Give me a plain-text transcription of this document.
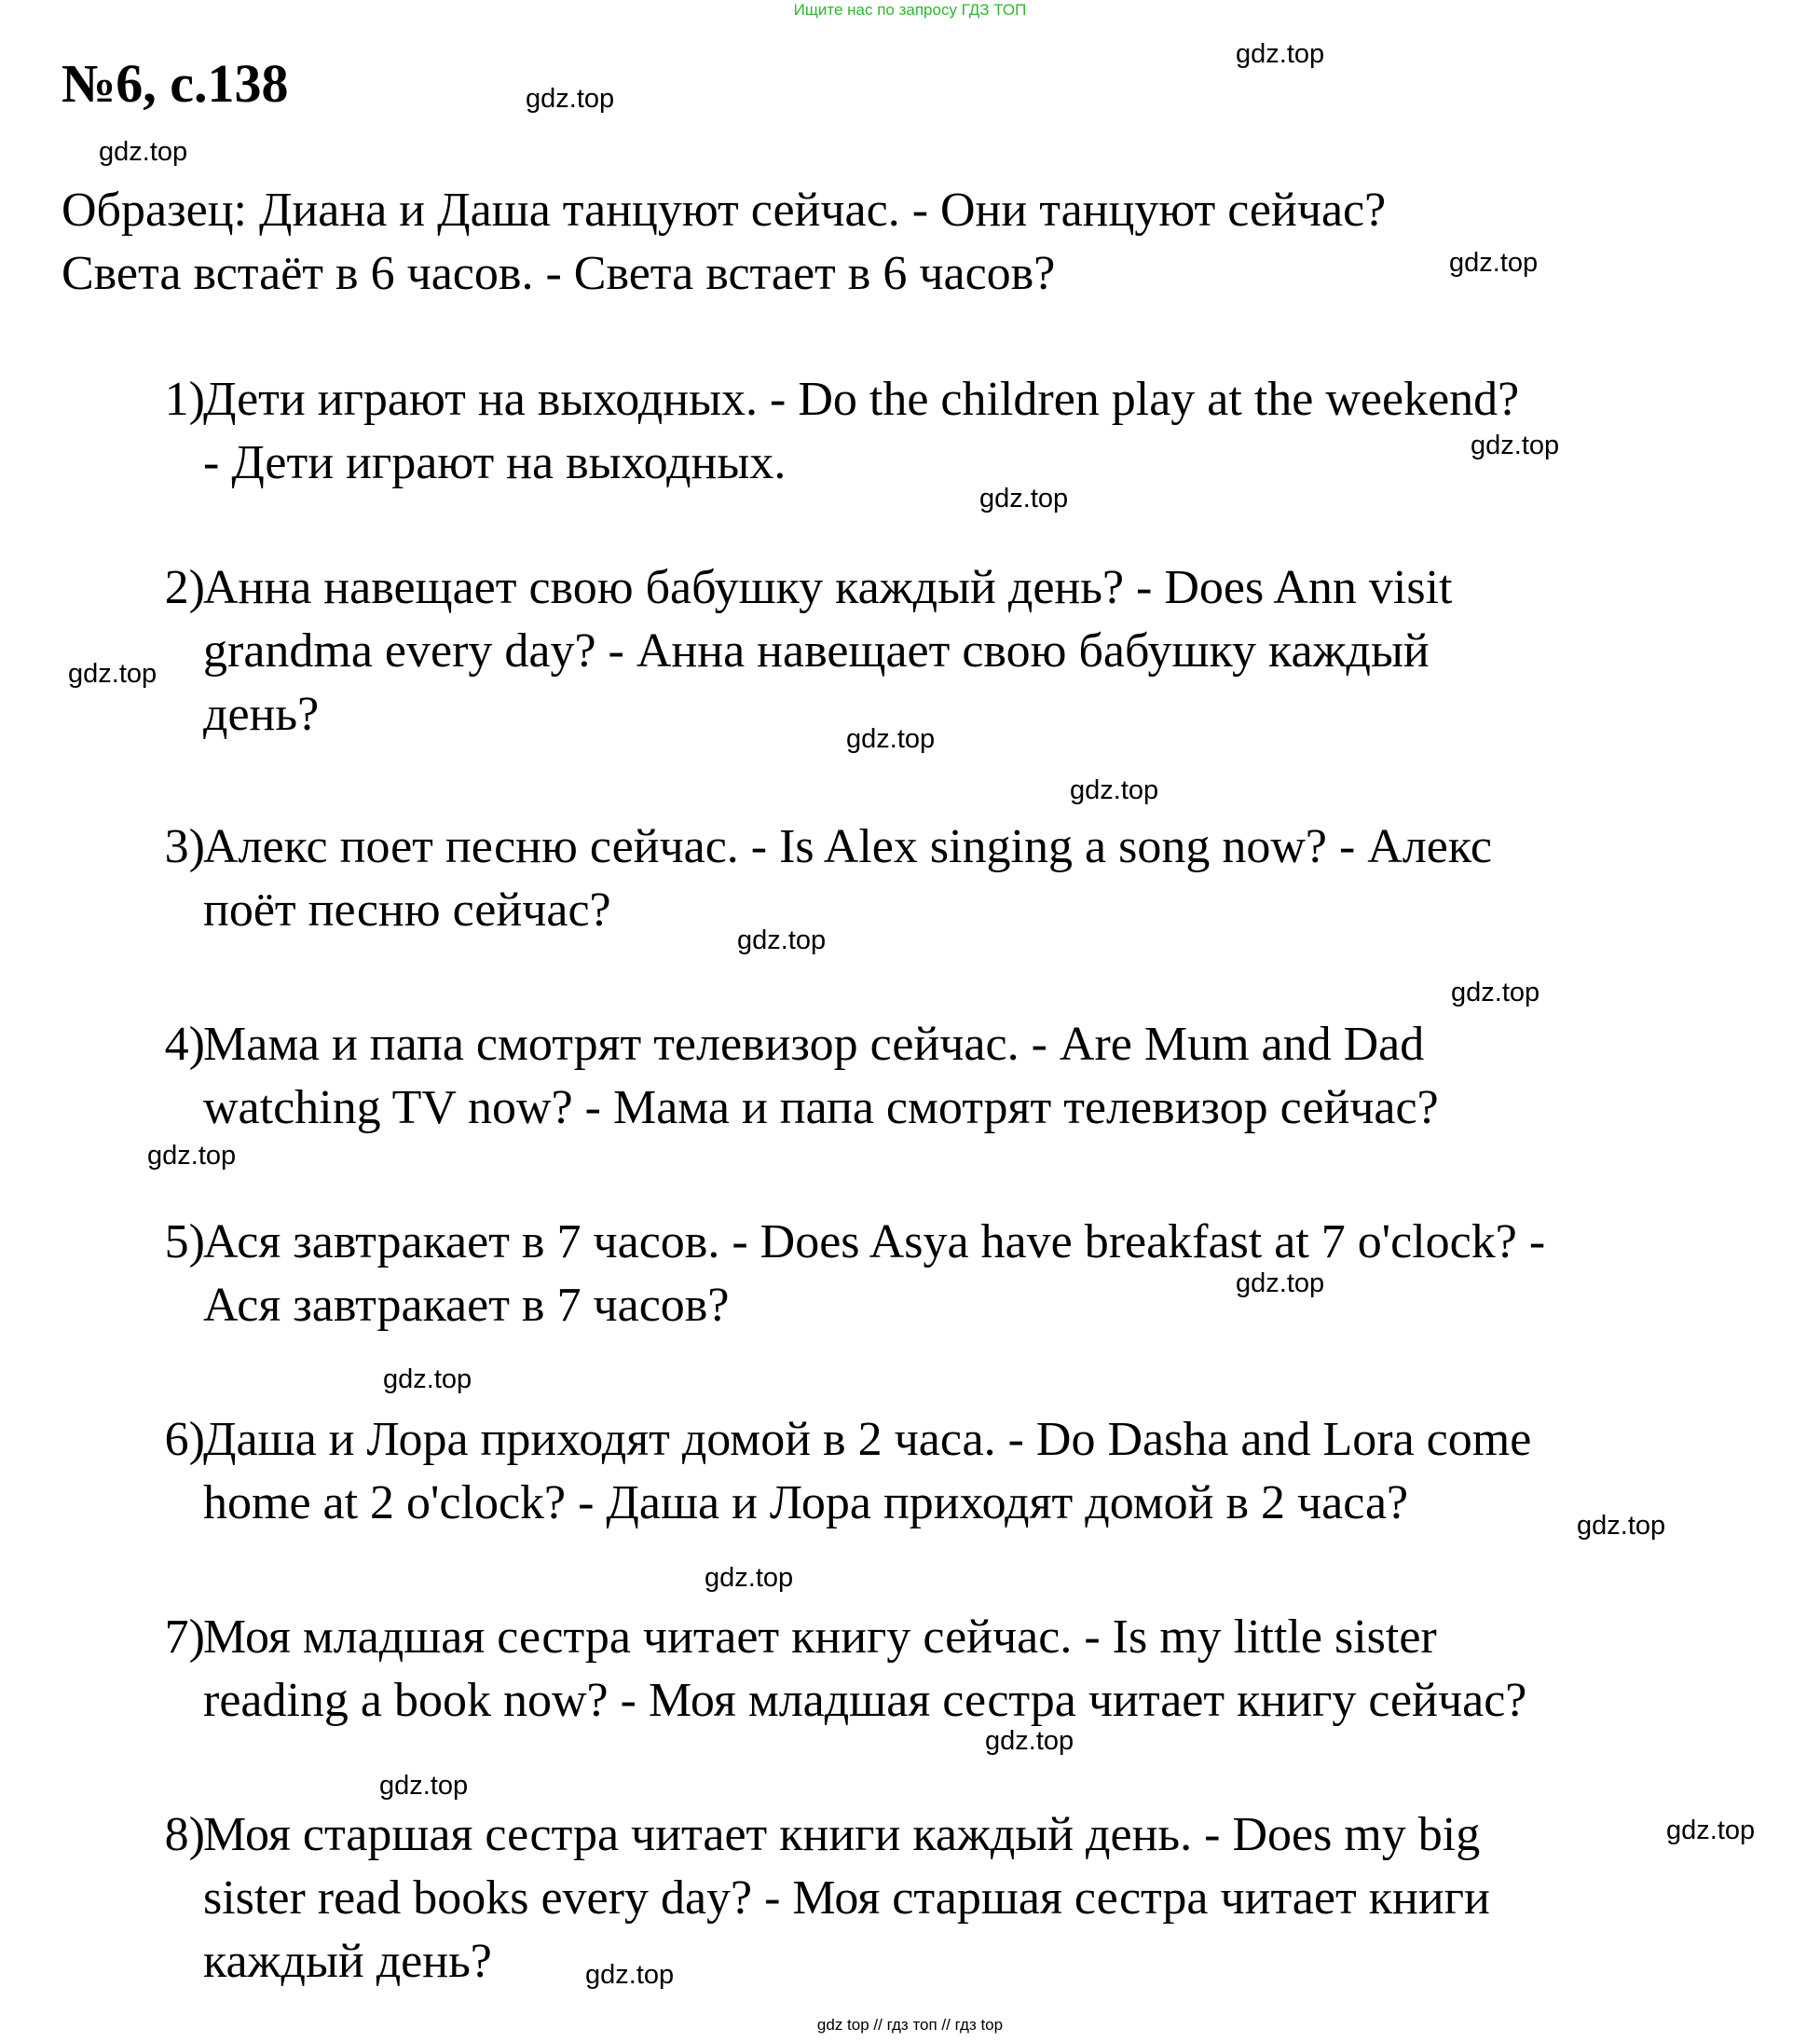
Ищите нас по запросу ГДЗ ТОП
№6, с.138
Образец: Диана и Даша танцуют сейчас. - Они танцуют сейчас?
Света встаёт в 6 часов. - Света встает в 6 часов?
1)
Дети играют на выходных. - Do the children play at the weekend?
- Дети играют на выходных.
2)
Анна навещает свою бабушку каждый день? - Does Ann visit
grandma every day? - Анна навещает свою бабушку каждый
день?
3)
Алекс поет песню сейчас. - Is Alex singing a song now? - Алекс
поёт песню сейчас?
4)
Мама и папа смотрят телевизор сейчас. - Are Mum and Dad
watching TV now? - Мама и папа смотрят телевизор сейчас?
5)
Ася завтракает в 7 часов. - Does Asya have breakfast at 7 o'clock? -
Ася завтракает в 7 часов?
6)
Даша и Лора приходят домой в 2 часа. - Do Dasha and Lora come
home at 2 o'clock? - Даша и Лора приходят домой в 2 часа?
7)
Моя младшая сестра читает книгу сейчас. - Is my little sister
reading a book now? - Моя младшая сестра читает книгу сейчас?
8)
Моя старшая сестра читает книги каждый день. - Does my big
sister read books every day? - Моя старшая сестра читает книги
каждый день?
gdz.top
gdz.top
gdz.top
gdz.top
gdz.top
gdz.top
gdz.top
gdz.top
gdz.top
gdz.top
gdz.top
gdz.top
gdz.top
gdz.top
gdz.top
gdz.top
gdz.top
gdz.top
gdz.top
gdz.top
gdz top // гдз топ // гдз top
